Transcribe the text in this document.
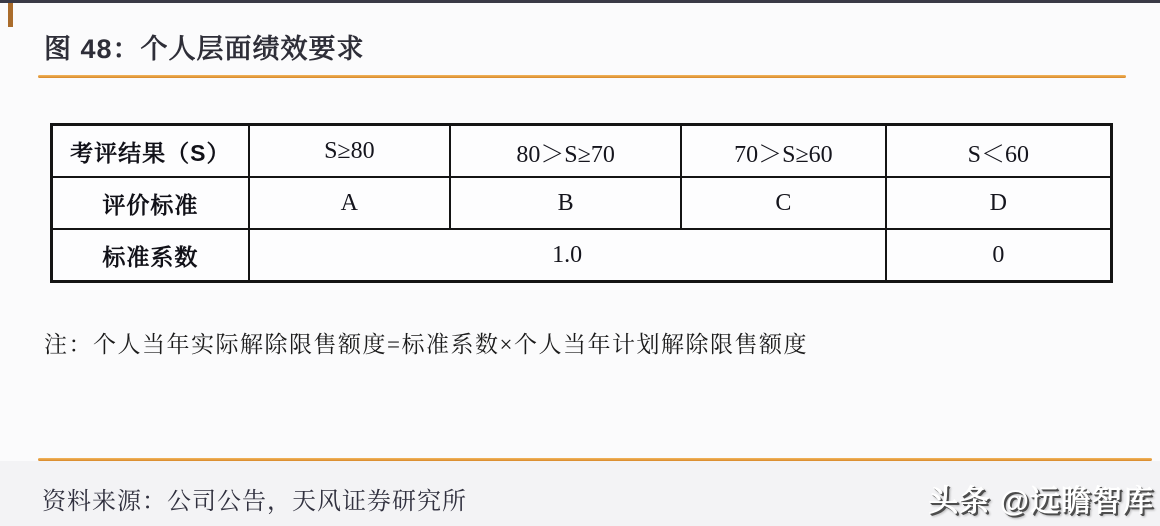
图 48：个人层面绩效要求
考评结果（S）	S≥80	80＞S≥70	70＞S≥60	S＜60
评价标准	A	B	C	D
标准系数	1.0			0

注：个人当年实际解除限售额度=标准系数×个人当年计划解除限售额度

资料来源：公司公告，天风证券研究所	头条 @远瞻智库
